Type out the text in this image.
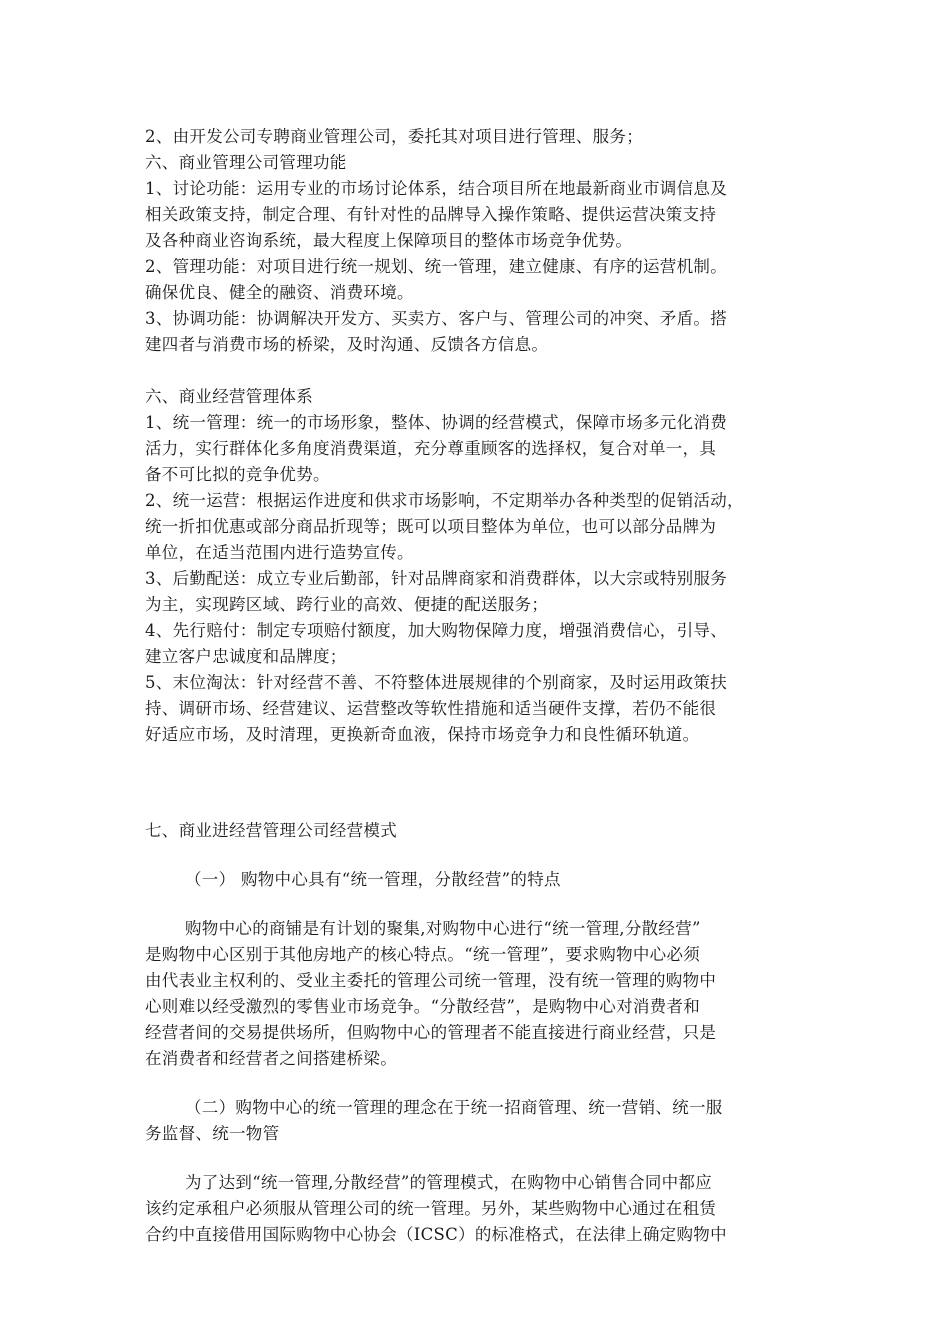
2、由开发公司专聘商业管理公司，委托其对项目进行管理、服务；
六、商业管理公司管理功能
1、讨论功能：运用专业的市场讨论体系，结合项目所在地最新商业市调信息及
相关政策支持，制定合理、有针对性的品牌导入操作策略、提供运营决策支持
及各种商业咨询系统，最大程度上保障项目的整体市场竞争优势。
2、管理功能：对项目进行统一规划、统一管理，建立健康、有序的运营机制。
确保优良、健全的融资、消费环境。
3、协调功能：协调解决开发方、买卖方、客户与、管理公司的冲突、矛盾。搭
建四者与消费市场的桥梁，及时沟通、反馈各方信息。
六、商业经营管理体系
1、统一管理：统一的市场形象，整体、协调的经营模式，保障市场多元化消费
活力，实行群体化多角度消费渠道，充分尊重顾客的选择权，复合对单一，具
备不可比拟的竞争优势。
2、统一运营：根据运作进度和供求市场影响，不定期举办各种类型的促销活动，
统一折扣优惠或部分商品折现等；既可以项目整体为单位，也可以部分品牌为
单位，在适当范围内进行造势宣传。
3、后勤配送：成立专业后勤部，针对品牌商家和消费群体，以大宗或特别服务
为主，实现跨区域、跨行业的高效、便捷的配送服务；
4、先行赔付：制定专项赔付额度，加大购物保障力度，增强消费信心，引导、
建立客户忠诚度和品牌度；
5、末位淘汰：针对经营不善、不符整体进展规律的个别商家，及时运用政策扶
持、调研市场、经营建议、运营整改等软性措施和适当硬件支撑，若仍不能很
好适应市场，及时清理，更换新奇血液，保持市场竞争力和良性循环轨道。
七、商业进经营管理公司经营模式
（一） 购物中心具有“统一管理，分散经营”的特点
购物中心的商铺是有计划的聚集,对购物中心进行“统一管理,分散经营”
是购物中心区别于其他房地产的核心特点。“统一管理”，要求购物中心必须
由代表业主权利的、受业主委托的管理公司统一管理，没有统一管理的购物中
心则难以经受激烈的零售业市场竞争。“分散经营”，是购物中心对消费者和
经营者间的交易提供场所，但购物中心的管理者不能直接进行商业经营，只是
在消费者和经营者之间搭建桥梁。
（二）购物中心的统一管理的理念在于统一招商管理、统一营销、统一服
务监督、统一物管
为了达到“统一管理,分散经营”的管理模式，在购物中心销售合同中都应
该约定承租户必须服从管理公司的统一管理。另外，某些购物中心通过在租赁
合约中直接借用国际购物中心协会（ICSC）的标准格式，在法律上确定购物中
